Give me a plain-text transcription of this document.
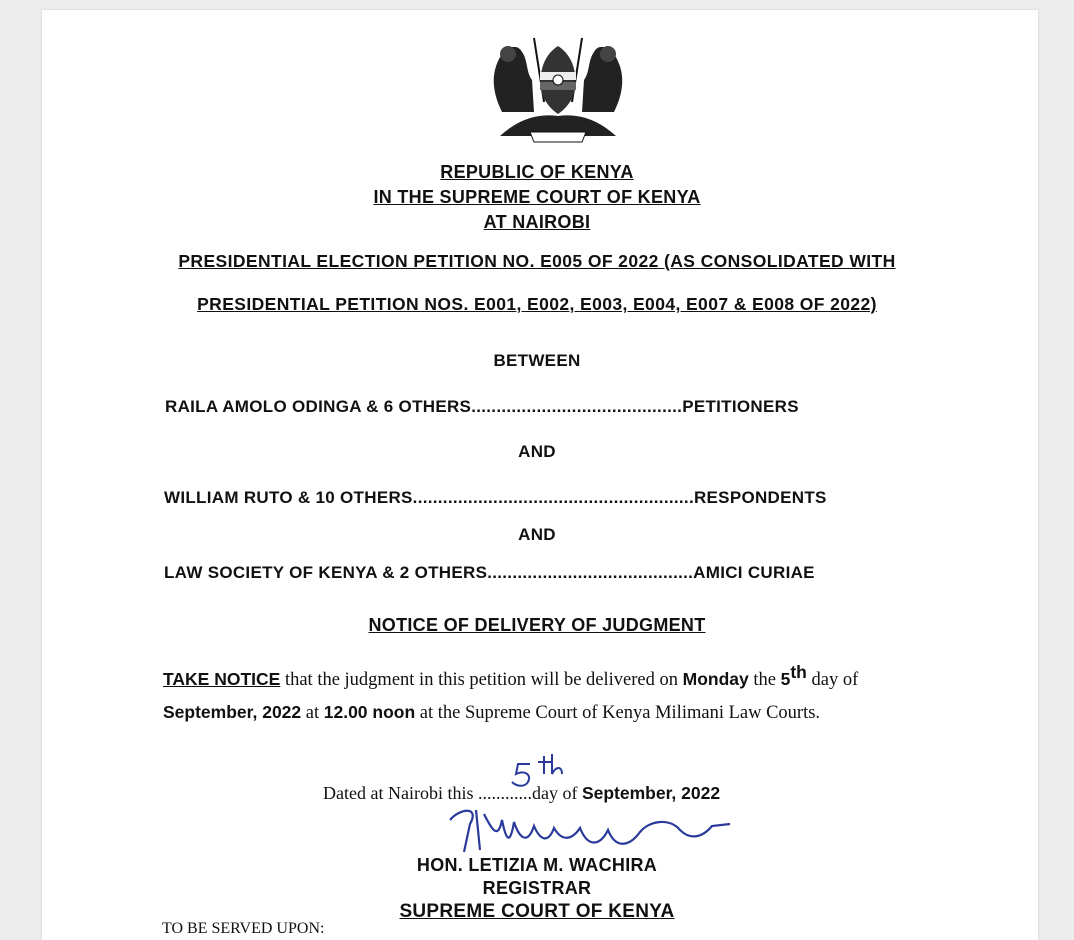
REPUBLIC OF KENYA
IN THE SUPREME COURT OF KENYA
AT NAIROBI
PRESIDENTIAL ELECTION PETITION NO. E005 OF 2022 (AS CONSOLIDATED WITH
PRESIDENTIAL PETITION NOS. E001, E002, E003, E004, E007 & E008 OF 2022)
BETWEEN
RAILA AMOLO ODINGA & 6 OTHERS..........................................PETITIONERS
AND
WILLIAM RUTO & 10 OTHERS........................................................RESPONDENTS
AND
LAW SOCIETY OF KENYA & 2 OTHERS.........................................AMICI CURIAE
NOTICE OF DELIVERY OF JUDGMENT
TAKE NOTICE that the judgment in this petition will be delivered on Monday the 5th day of
September, 2022 at 12.00 noon at the Supreme Court of Kenya Milimani Law Courts.
Dated at Nairobi this ............day of September, 2022
HON. LETIZIA M. WACHIRA
REGISTRAR
SUPREME COURT OF KENYA
TO BE SERVED UPON:
